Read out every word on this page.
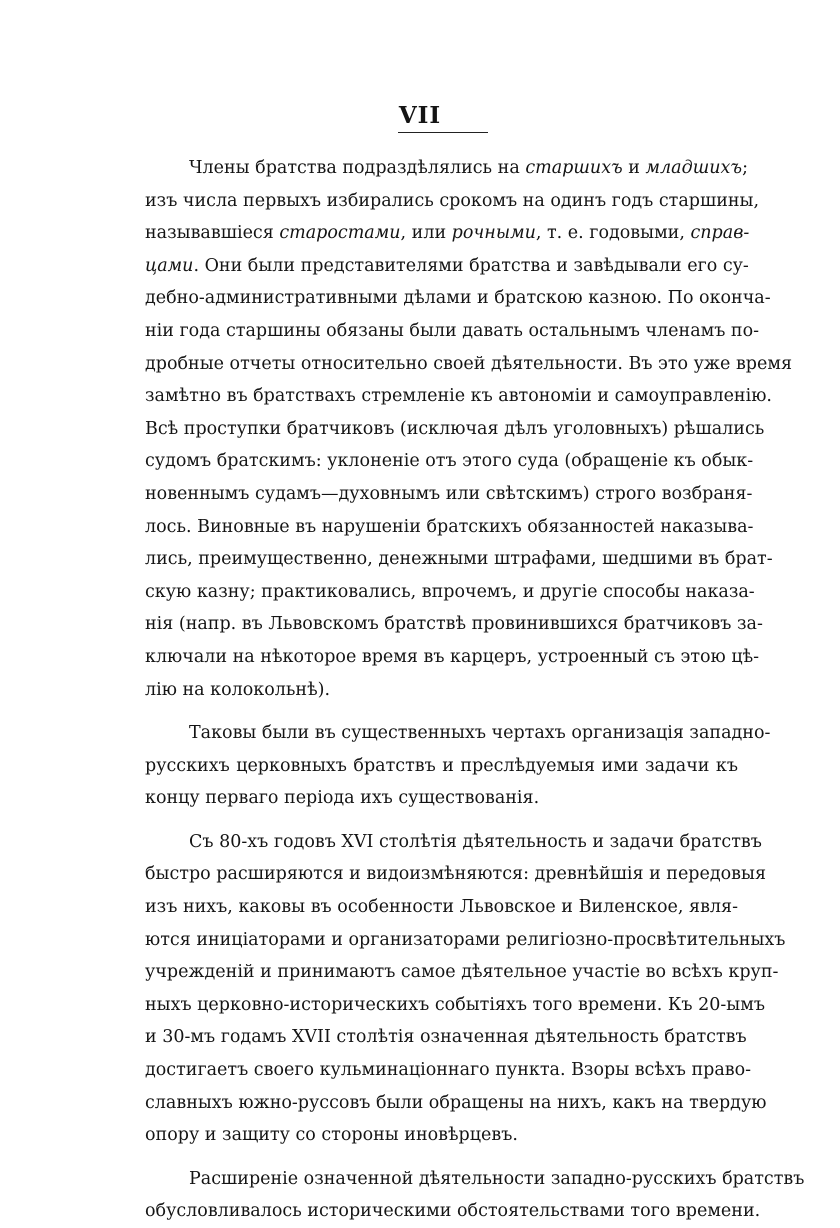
VII
Члены братства подраздѣлялись на старшихъ и младшихъ;
изъ числа первыхъ избирались срокомъ на одинъ годъ старшины,
называвшіеся старостами, или рочными, т. е. годовыми, справ-
цами. Они были представителями братства и завѣдывали его су-
дебно-административными дѣлами и братскою казною. По оконча-
ніи года старшины обязаны были давать остальнымъ членамъ по-
дробные отчеты относительно своей дѣятельности. Въ это уже время
замѣтно въ братствахъ стремленіе къ автономіи и самоуправленію.
Всѣ проступки братчиковъ (исключая дѣлъ уголовныхъ) рѣшались
судомъ братскимъ: уклоненіе отъ этого суда (обращеніе къ обык-
новеннымъ судамъ—духовнымъ или свѣтскимъ) строго возбраня-
лось. Виновные въ нарушеніи братскихъ обязанностей наказыва-
лись, преимущественно, денежными штрафами, шедшими въ брат-
скую казну; практиковались, впрочемъ, и другіе способы наказа-
нія (напр. въ Львовскомъ братствѣ провинившихся братчиковъ за-
ключали на нѣкоторое время въ карцеръ, устроенный съ этою цѣ-
лію на колокольнѣ).
Таковы были въ существенныхъ чертахъ организація западно-
русскихъ церковныхъ братствъ и преслѣдуемыя ими задачи къ
концу перваго періода ихъ существованія.
Съ 80-хъ годовъ XVI столѣтія дѣятельность и задачи братствъ
быстро расширяются и видоизмѣняются: древнѣйшія и передовыя
изъ нихъ, каковы въ особенности Львовское и Виленское, явля-
ются иниціаторами и организаторами религіозно-просвѣтительныхъ
учрежденій и принимаютъ самое дѣятельное участіе во всѣхъ круп-
ныхъ церковно-историческихъ событіяхъ того времени. Къ 20-ымъ
и 30-мъ годамъ XVII столѣтія означенная дѣятельность братствъ
достигаетъ своего кульминаціоннаго пункта. Взоры всѣхъ право-
славныхъ южно-руссовъ были обращены на нихъ, какъ на твердую
опору и защиту со стороны иновѣрцевъ.
Расширеніе означенной дѣятельности западно-русскихъ братствъ
обусловливалось историческими обстоятельствами того времени.
